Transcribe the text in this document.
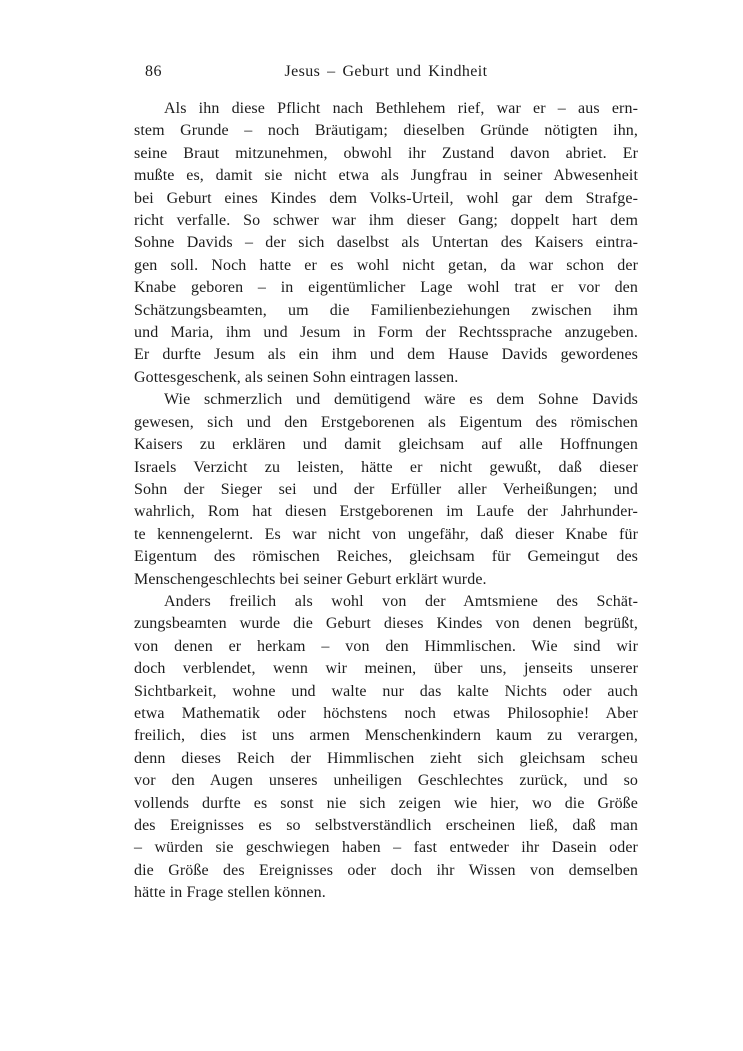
86	Jesus – Geburt und Kindheit
Als ihn diese Pflicht nach Bethlehem rief, war er – aus ern-
stem Grunde – noch Bräutigam; dieselben Gründe nötigten ihn,
seine Braut mitzunehmen, obwohl ihr Zustand davon abriet. Er
mußte es, damit sie nicht etwa als Jungfrau in seiner Abwesenheit
bei Geburt eines Kindes dem Volks-Urteil, wohl gar dem Strafge-
richt verfalle. So schwer war ihm dieser Gang; doppelt hart dem
Sohne Davids – der sich daselbst als Untertan des Kaisers eintra-
gen soll. Noch hatte er es wohl nicht getan, da war schon der
Knabe geboren – in eigentümlicher Lage wohl trat er vor den
Schätzungsbeamten, um die Familienbeziehungen zwischen ihm
und Maria, ihm und Jesum in Form der Rechtssprache anzugeben.
Er durfte Jesum als ein ihm und dem Hause Davids gewordenes
Gottesgeschenk, als seinen Sohn eintragen lassen.
Wie schmerzlich und demütigend wäre es dem Sohne Davids
gewesen, sich und den Erstgeborenen als Eigentum des römischen
Kaisers zu erklären und damit gleichsam auf alle Hoffnungen
Israels Verzicht zu leisten, hätte er nicht gewußt, daß dieser
Sohn der Sieger sei und der Erfüller aller Verheißungen; und
wahrlich, Rom hat diesen Erstgeborenen im Laufe der Jahrhunder-
te kennengelernt. Es war nicht von ungefähr, daß dieser Knabe für
Eigentum des römischen Reiches, gleichsam für Gemeingut des
Menschengeschlechts bei seiner Geburt erklärt wurde.
Anders freilich als wohl von der Amtsmiene des Schät-
zungsbeamten wurde die Geburt dieses Kindes von denen begrüßt,
von denen er herkam – von den Himmlischen. Wie sind wir
doch verblendet, wenn wir meinen, über uns, jenseits unserer
Sichtbarkeit, wohne und walte nur das kalte Nichts oder auch
etwa Mathematik oder höchstens noch etwas Philosophie! Aber
freilich, dies ist uns armen Menschenkindern kaum zu verargen,
denn dieses Reich der Himmlischen zieht sich gleichsam scheu
vor den Augen unseres unheiligen Geschlechtes zurück, und so
vollends durfte es sonst nie sich zeigen wie hier, wo die Größe
des Ereignisses es so selbstverständlich erscheinen ließ, daß man
– würden sie geschwiegen haben – fast entweder ihr Dasein oder
die Größe des Ereignisses oder doch ihr Wissen von demselben
hätte in Frage stellen können.
